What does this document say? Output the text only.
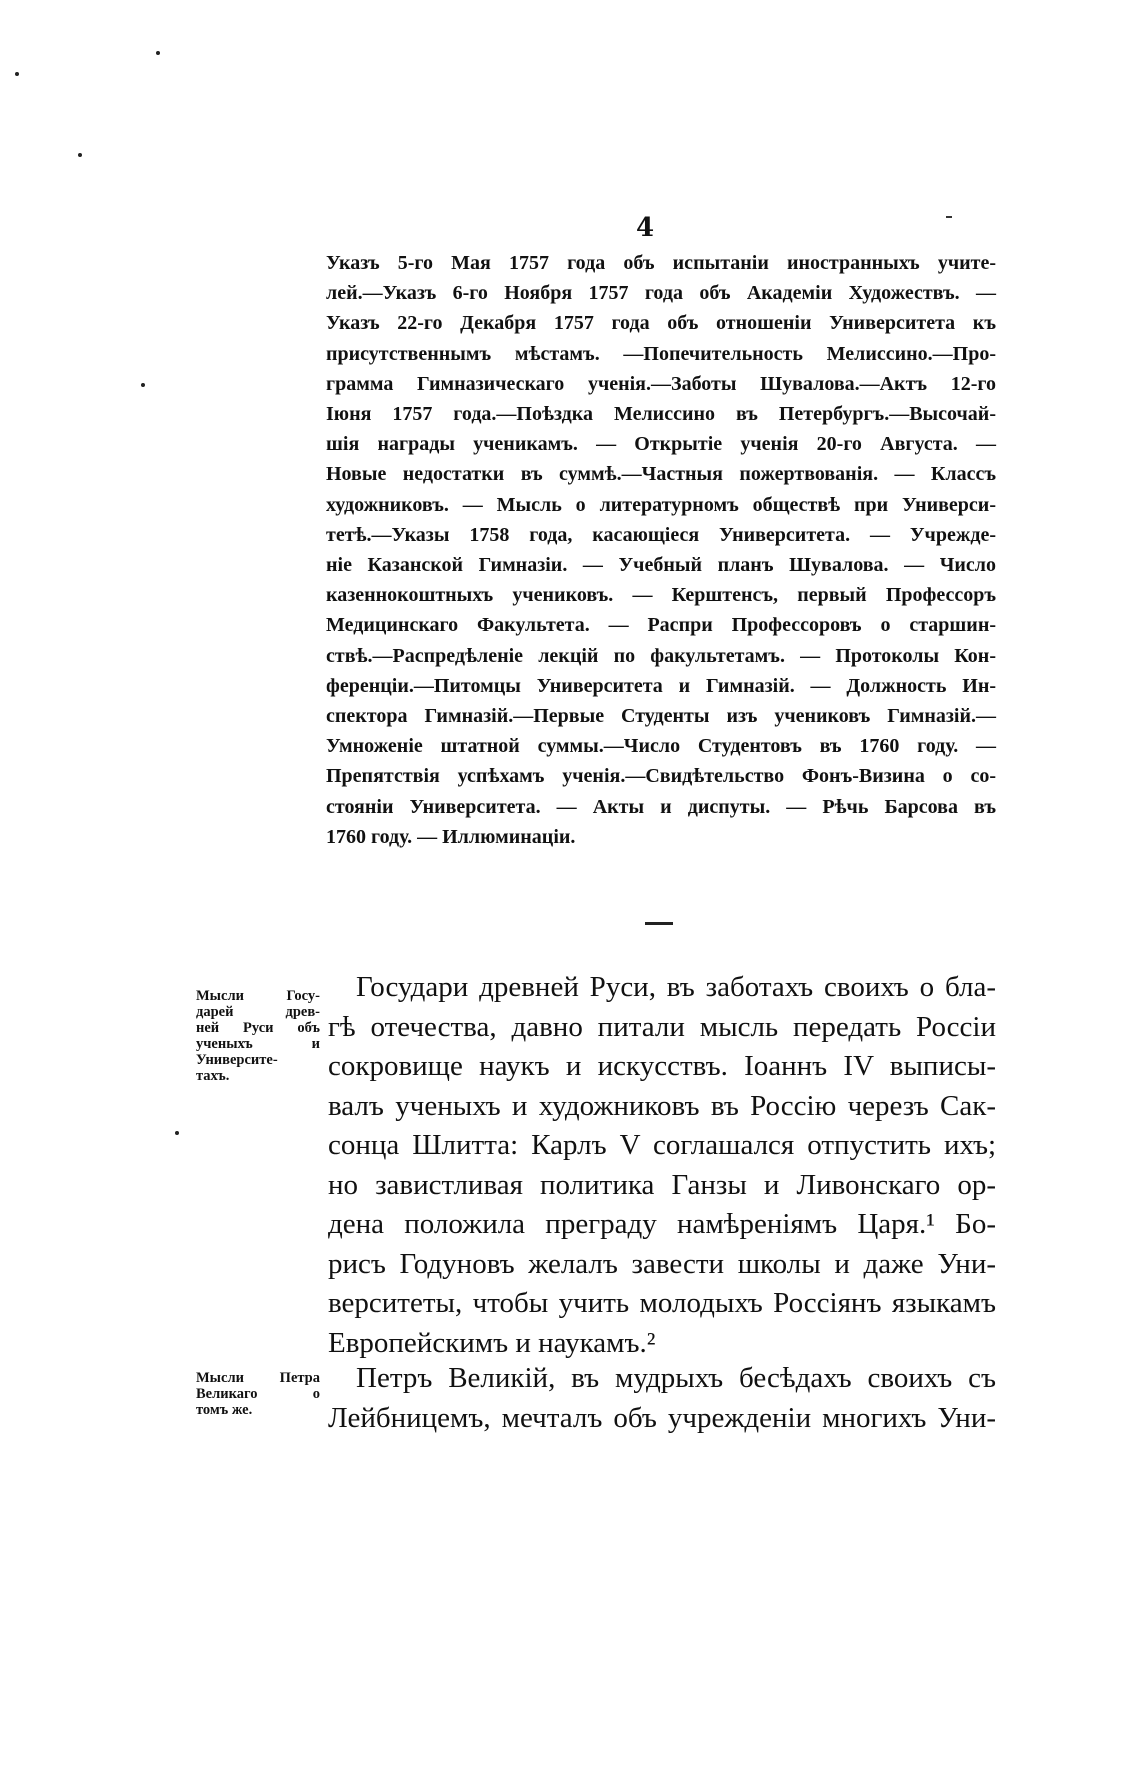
4
Указъ 5-го Мая 1757 года объ испытаніи иностранныхъ учите-
лей.—Указъ 6-го Ноября 1757 года объ Академіи Художествъ. —
Указъ 22-го Декабря 1757 года объ отношеніи Университета къ
присутственнымъ мѣстамъ. —Попечительность Мелиссино.—Про-
грамма Гимназическаго ученія.—Заботы Шувалова.—Актъ 12-го
Іюня 1757 года.—Поѣздка Мелиссино въ Петербургъ.—Высочай-
шія награды ученикамъ. — Открытіе ученія 20-го Августа. —
Новые недостатки въ суммѣ.—Частныя пожертвованія. — Классъ
художниковъ. — Мысль о литературномъ обществѣ при Универси-
тетѣ.—Указы 1758 года, касающіеся Университета. — Учрежде-
ніе Казанской Гимназіи. — Учебный планъ Шувалова. — Число
казеннокоштныхъ учениковъ. — Керштенсъ, первый Профессоръ
Медицинскаго Факультета. — Распри Профессоровъ о старшин-
ствѣ.—Распредѣленіе лекцій по факультетамъ. — Протоколы Кон-
ференціи.—Питомцы Университета и Гимназій. — Должность Ин-
спектора Гимназій.—Первые Студенты изъ учениковъ Гимназій.—
Умноженіе штатной суммы.—Число Студентовъ въ 1760 году. —
Препятствія успѣхамъ ученія.—Свидѣтельство Фонъ-Визина о со-
стояніи Университета. — Акты и диспуты. — Рѣчь Барсова въ
1760 году. — Иллюминаціи.
Мысли Госу-
дарей древ-
ней Руси объ
ученыхъ и
Университе-
тахъ.
Государи древней Руси, въ заботахъ своихъ о бла-
гѣ отечества, давно питали мысль передать Россіи
сокровище наукъ и искусствъ. Іоаннъ IV выписы-
валъ ученыхъ и художниковъ въ Россію черезъ Сак-
сонца Шлитта: Карлъ V соглашался отпустить ихъ;
но завистливая политика Ганзы и Ливонскаго ор-
дена положила преграду намѣреніямъ Царя.¹ Бо-
рисъ Годуновъ желалъ завести школы и даже Уни-
верситеты, чтобы учить молодыхъ Россіянъ языкамъ
Европейскимъ и наукамъ.²
Мысли Петра
Великаго о
томъ же.
Петръ Великій, въ мудрыхъ бесѣдахъ своихъ съ
Лейбницемъ, мечталъ объ учрежденіи многихъ Уни-
